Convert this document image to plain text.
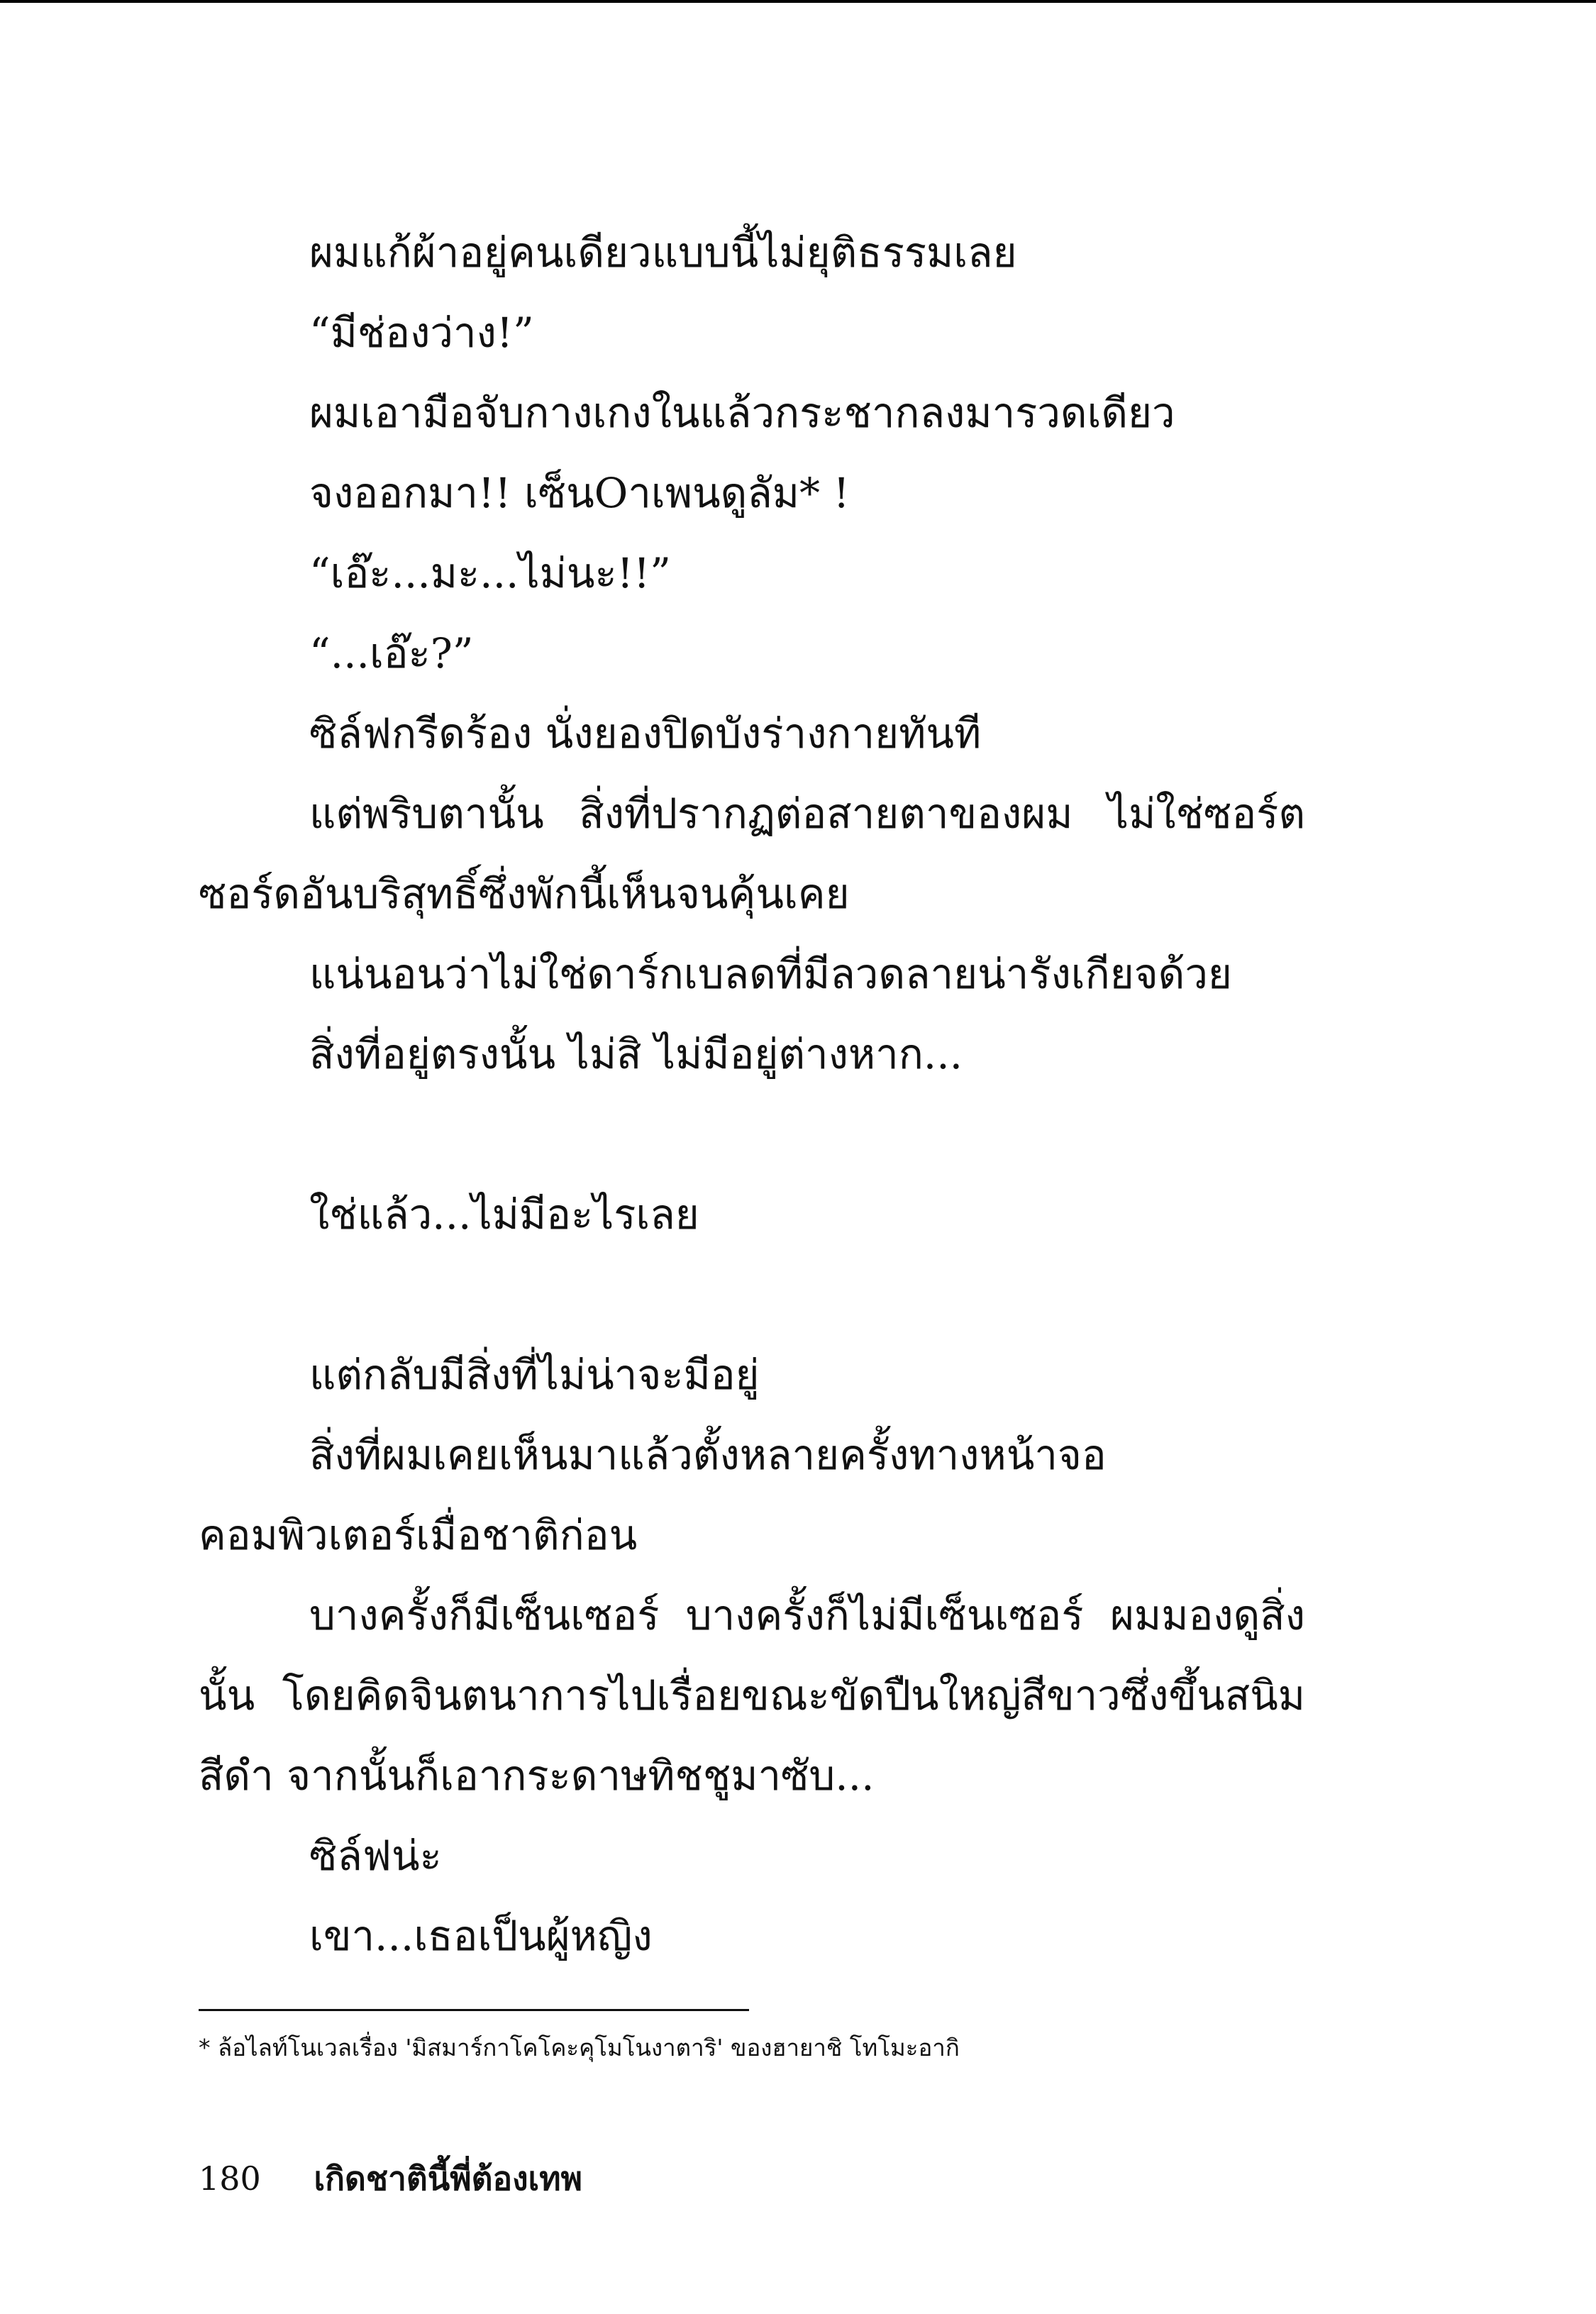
ผมแก้ผ้าอยู่คนเดียวแบบนี้ไม่ยุติธรรมเลย

“มีช่องว่าง!”

ผมเอามือจับกางเกงในแล้วกระชากลงมารวดเดียว

จงออกมา!! เซ็นOาเพนดูลัม* !

“เอ๊ะ...มะ...ไม่นะ!!”

“...เอ๊ะ?”

ซิล์ฟกรีดร้อง นั่งยองปิดบังร่างกายทันที

แต่พริบตานั้น สิ่งที่ปรากฏต่อสายตาของผม ไม่ใช่ซอร์ตซอร์ดอันบริสุทธิ์ซึ่งพักนี้เห็นจนคุ้นเคย

แน่นอนว่าไม่ใช่ดาร์กเบลดที่มีลวดลายน่ารังเกียจด้วย

สิ่งที่อยู่ตรงนั้น ไม่สิ ไม่มีอยู่ต่างหาก...

ใช่แล้ว...ไม่มีอะไรเลย

แต่กลับมีสิ่งที่ไม่น่าจะมีอยู่

สิ่งที่ผมเคยเห็นมาแล้วตั้งหลายครั้งทางหน้าจอคอมพิวเตอร์เมื่อชาติก่อน

บางครั้งก็มีเซ็นเซอร์ บางครั้งก็ไม่มีเซ็นเซอร์ ผมมองดูสิ่งนั้น โดยคิดจินตนาการไปเรื่อยขณะขัดปืนใหญ่สีขาวซึ่งขึ้นสนิมสีดำ จากนั้นก็เอากระดาษทิชชูมาซับ...

ซิล์ฟน่ะ

เขา...เธอเป็นผู้หญิง

* ล้อไลท์โนเวลเรื่อง 'มิสมาร์กาโคโคะคุโมโนงาตาริ' ของฮายาชิ โทโมะอากิ
180 เกิดชาตินี้พี่ต้องเทพ
